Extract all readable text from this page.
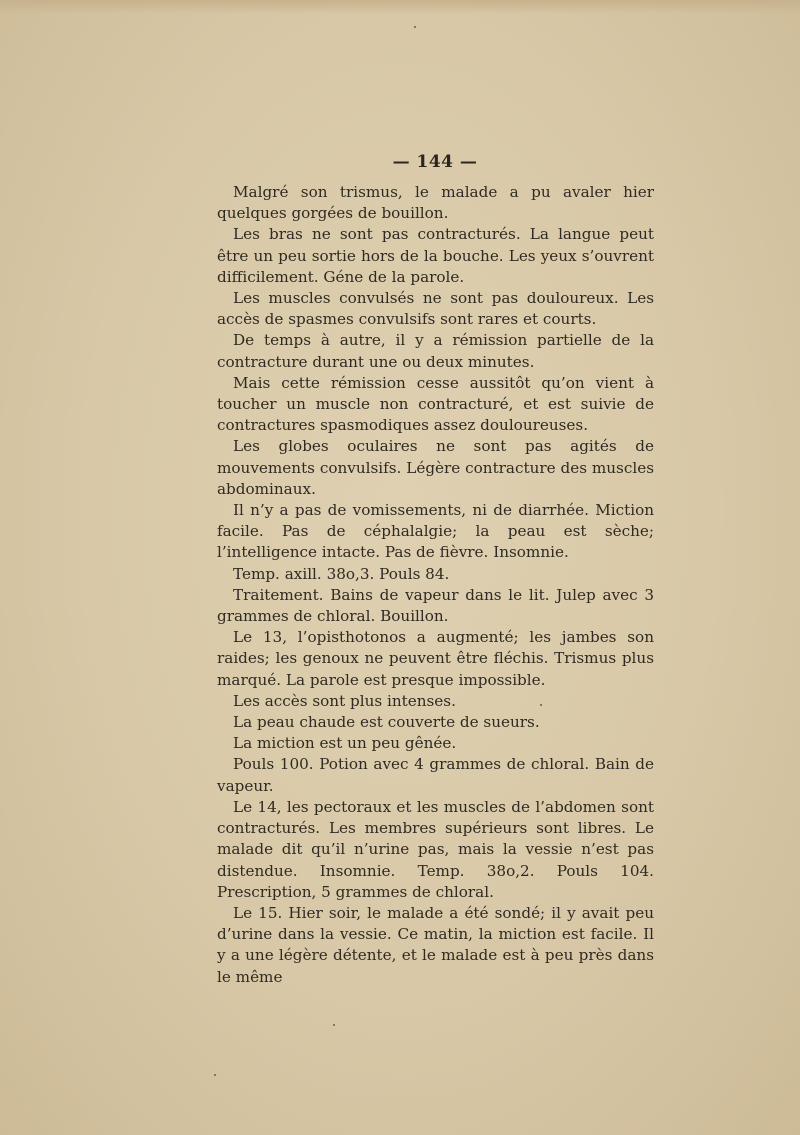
— 144 —

Malgré son trismus, le malade a pu avaler hier quelques gorgées de bouillon.

Les bras ne sont pas contracturés. La langue peut être un peu sortie hors de la bouche. Les yeux s’ouvrent difficilement. Géne de la parole.

Les muscles convulsés ne sont pas douloureux. Les accès de spasmes convulsifs sont rares et courts.

De temps à autre, il y a rémission partielle de la contracture durant une ou deux minutes.

Mais cette rémission cesse aussitôt qu’on vient à toucher un muscle non contracturé, et est suivie de contractures spasmodiques assez douloureuses.

Les globes oculaires ne sont pas agités de mouvements convulsifs. Légère contracture des muscles abdominaux.

Il n’y a pas de vomissements, ni de diarrhée. Miction facile. Pas de céphalalgie; la peau est sèche; l’intelligence intacte. Pas de fièvre. Insomnie.

Temp. axill. 38o,3. Pouls 84.

Traitement. Bains de vapeur dans le lit. Julep avec 3 grammes de chloral. Bouillon.

Le 13, l’opisthotonos a augmenté; les jambes son raides; les genoux ne peuvent être fléchis. Trismus plus marqué. La parole est presque impossible.

Les accès sont plus intenses.

La peau chaude est couverte de sueurs.

La miction est un peu gênée.

Pouls 100. Potion avec 4 grammes de chloral. Bain de vapeur.

Le 14, les pectoraux et les muscles de l’abdomen sont contracturés. Les membres supérieurs sont libres. Le malade dit qu’il n’urine pas, mais la vessie n’est pas distendue. Insomnie. Temp. 38o,2. Pouls 104. Prescription, 5 grammes de chloral.

Le 15. Hier soir, le malade a été sondé; il y avait peu d’urine dans la vessie. Ce matin, la miction est facile. Il y a une légère détente, et le malade est à peu près dans le même
